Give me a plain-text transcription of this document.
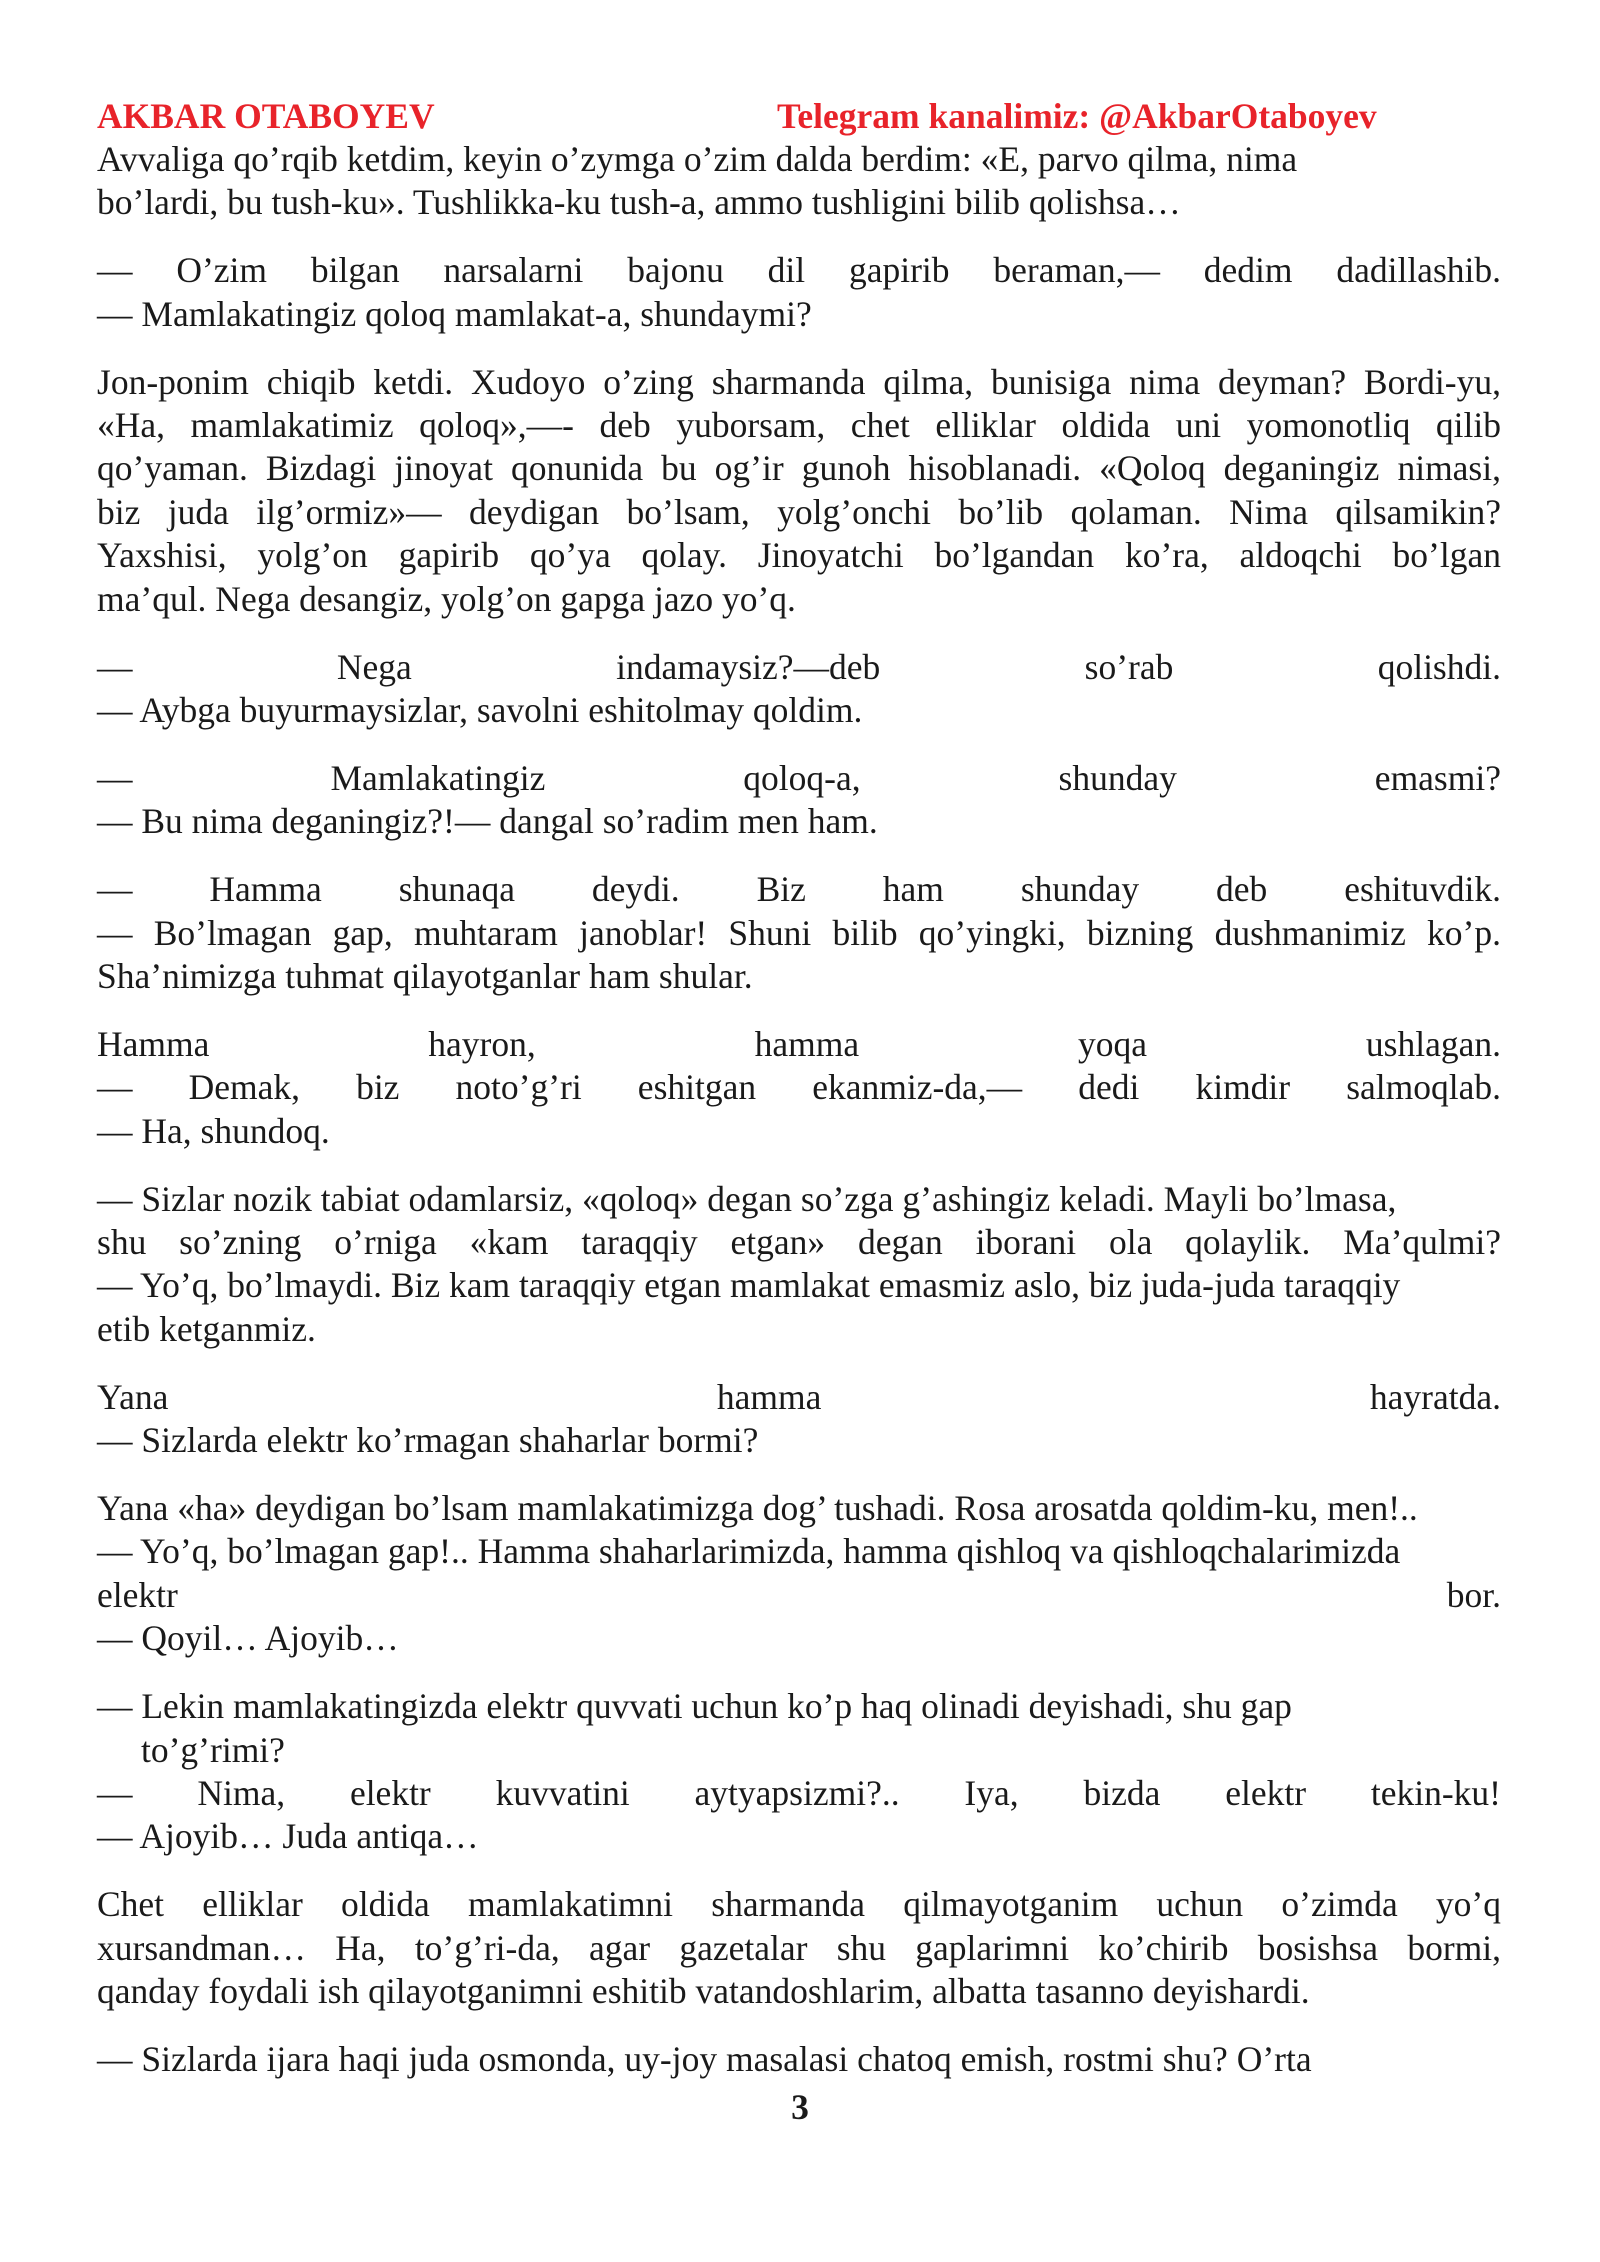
AKBAR OTABOYEV	Telegram kanalimiz: @AkbarOtaboyev

Avvaliga qo’rqib ketdim, keyin o’zymga o’zim dalda berdim: «E, parvo qilma, nima

bo’lardi, bu tush-ku». Tushlikka-ku tush-a, ammo tushligini bilib qolishsa…

— O’zim bilgan narsalarni bajonu dil gapirib beraman,— dedim dadillashib.

— Mamlakatingiz qoloq mamlakat-a, shundaymi?

Jon-ponim chiqib ketdi. Xudoyo o’zing sharmanda qilma, bunisiga nima deyman? Bordi-yu,

«Ha, mamlakatimiz qoloq»,—- deb yuborsam, chet elliklar oldida uni yomonotliq qilib

qo’yaman. Bizdagi jinoyat qonunida bu og’ir gunoh hisoblanadi. «Qoloq deganingiz nimasi,

biz juda ilg’ormiz»— deydigan bo’lsam, yolg’onchi bo’lib qolaman. Nima qilsamikin?

Yaxshisi, yolg’on gapirib qo’ya qolay. Jinoyatchi bo’lgandan ko’ra, aldoqchi bo’lgan

ma’qul. Nega desangiz, yolg’on gapga jazo yo’q.

— Nega indamaysiz?—deb so’rab qolishdi.

— Aybga buyurmaysizlar, savolni eshitolmay qoldim.

— Mamlakatingiz qoloq-a, shunday emasmi?

— Bu nima deganingiz?!— dangal so’radim men ham.

— Hamma shunaqa deydi. Biz ham shunday deb eshituvdik.

— Bo’lmagan gap, muhtaram janoblar! Shuni bilib qo’yingki, bizning dushmanimiz ko’p.

Sha’nimizga tuhmat qilayotganlar ham shular.

Hamma hayron, hamma yoqa ushlagan.

— Demak, biz noto’g’ri eshitgan ekanmiz-da,— dedi kimdir salmoqlab.

— Ha, shundoq.

— Sizlar nozik tabiat odamlarsiz, «qoloq» degan so’zga g’ashingiz keladi. Mayli bo’lmasa,

shu so’zning o’rniga «kam taraqqiy etgan» degan iborani ola qolaylik. Ma’qulmi?

— Yo’q, bo’lmaydi. Biz kam taraqqiy etgan mamlakat emasmiz aslo, biz juda-juda taraqqiy

etib ketganmiz.

Yana hamma hayratda.

— Sizlarda elektr ko’rmagan shaharlar bormi?

Yana «ha» deydigan bo’lsam mamlakatimizga dog’ tushadi. Rosa arosatda qoldim-ku, men!..

— Yo’q, bo’lmagan gap!.. Hamma shaharlarimizda, hamma qishloq va qishloqchalarimizda

elektr bor.

— Qoyil… Ajoyib…

— Lekin mamlakatingizda elektr quvvati uchun ko’p haq olinadi deyishadi, shu gap

to’g’rimi?

— Nima, elektr kuvvatini aytyapsizmi?.. Iya, bizda elektr tekin-ku!

— Ajoyib… Juda antiqa…

Chet elliklar oldida mamlakatimni sharmanda qilmayotganim uchun o’zimda yo’q

xursandman… Ha, to’g’ri-da, agar gazetalar shu gaplarimni ko’chirib bosishsa bormi,

qanday foydali ish qilayotganimni eshitib vatandoshlarim, albatta tasanno deyishardi.

— Sizlarda ijara haqi juda osmonda, uy-joy masalasi chatoq emish, rostmi shu? O’rta

3
